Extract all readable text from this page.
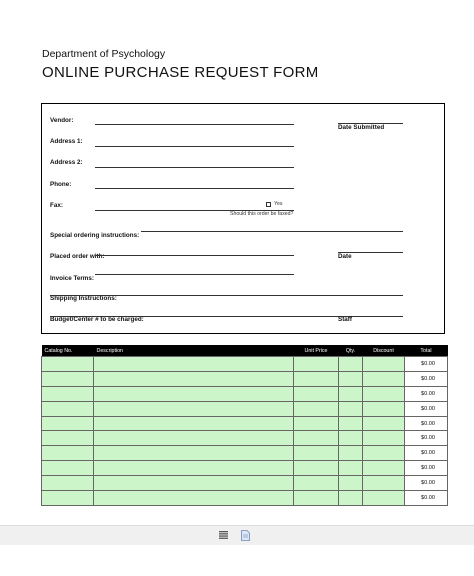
Department of Psychology
ONLINE PURCHASE REQUEST FORM
Vendor:
Address 1:
Address 2:
Phone:
Fax:	Yes
Should this order be faxed?
Special ordering instructions:
Placed order with:
Invoice Terms:
Shipping Instructions:
Budget/Center # to be charged:
Date Submitted
Date
Staff
Catalog No.	Description	Unit Price	Qty.	Discount	Total
					$0.00
					$0.00
					$0.00
					$0.00
					$0.00
					$0.00
					$0.00
					$0.00
					$0.00
					$0.00
